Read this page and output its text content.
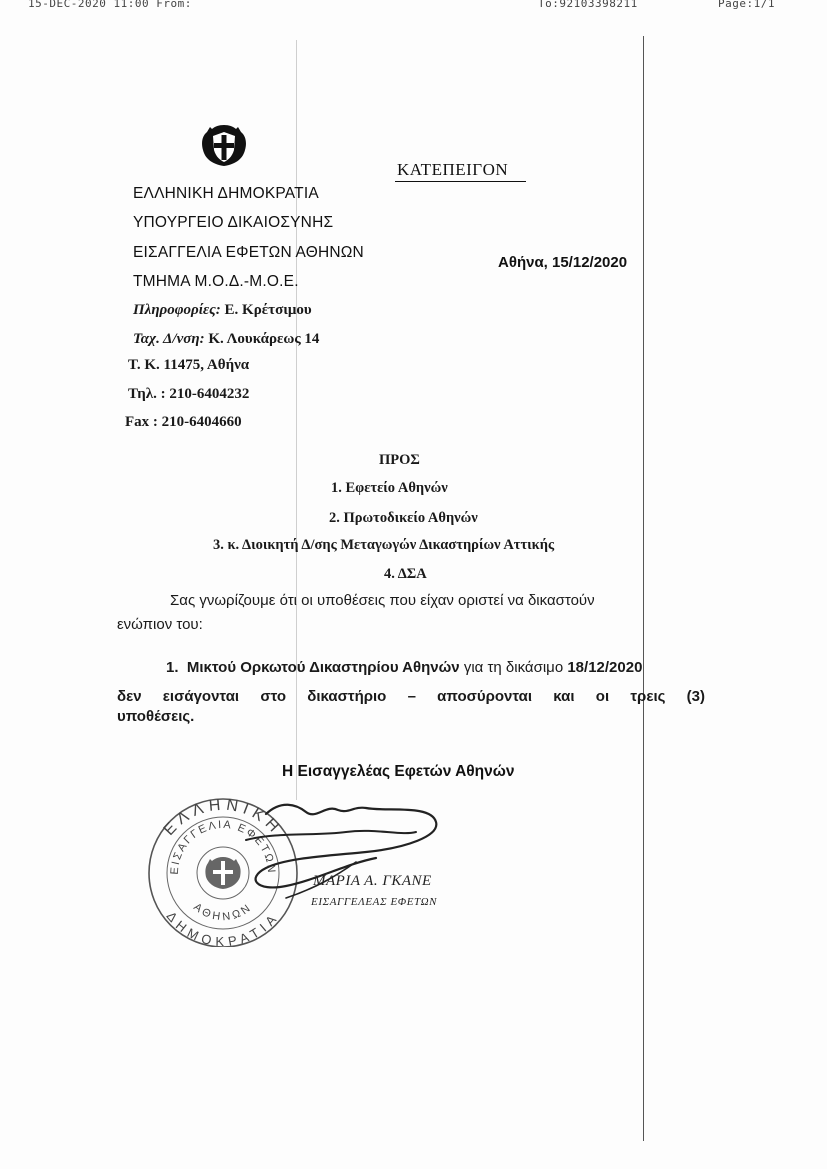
15-DEC-2020 11:00 From:	To:92103398211	Page:1/1
ΚΑΤΕΠΕΙΓΟΝ
ΕΛΛΗΝΙΚΗ ΔΗΜΟΚΡΑΤΙΑ
ΥΠΟΥΡΓΕΙΟ ΔΙΚΑΙΟΣΥΝΗΣ
ΕΙΣΑΓΓΕΛΙΑ ΕΦΕΤΩΝ ΑΘΗΝΩΝ
ΤΜΗΜΑ Μ.Ο.Δ.-Μ.Ο.Ε.
Αθήνα, 15/12/2020
Πληροφορίες: Ε. Κρέτσιμου
Ταχ. Δ/νση: Κ. Λουκάρεως 14
Τ. Κ. 11475, Αθήνα
Τηλ. : 210-6404232
Fax : 210-6404660
ΠΡΟΣ
1. Εφετείο Αθηνών
2. Πρωτοδικείο Αθηνών
3. κ. Διοικητή Δ/σης Μεταγωγών Δικαστηρίων Αττικής
4. ΔΣΑ
Σας γνωρίζουμε ότι οι υποθέσεις που είχαν οριστεί να δικαστούν
ενώπιον του:
1. Μικτού Ορκωτού Δικαστηρίου Αθηνών για τη δικάσιμο 18/12/2020
δεν εισάγονται στο δικαστήριο – αποσύρονται και οι τρεις (3)
υποθέσεις.
Η Εισαγγελέας Εφετών Αθηνών
ΕΛΛΗΝΙΚΗ
ΕΙΣΑΓΓΕΛΙΑ ΕΦΕΤΩΝ
ΑΘΗΝΩΝ
ΔΗΜΟΚΡΑΤΙΑ
ΜΑΡΙΑ Α. ΓΚΑΝΕ
ΕΙΣΑΓΓΕΛΕΑΣ ΕΦΕΤΩΝ
